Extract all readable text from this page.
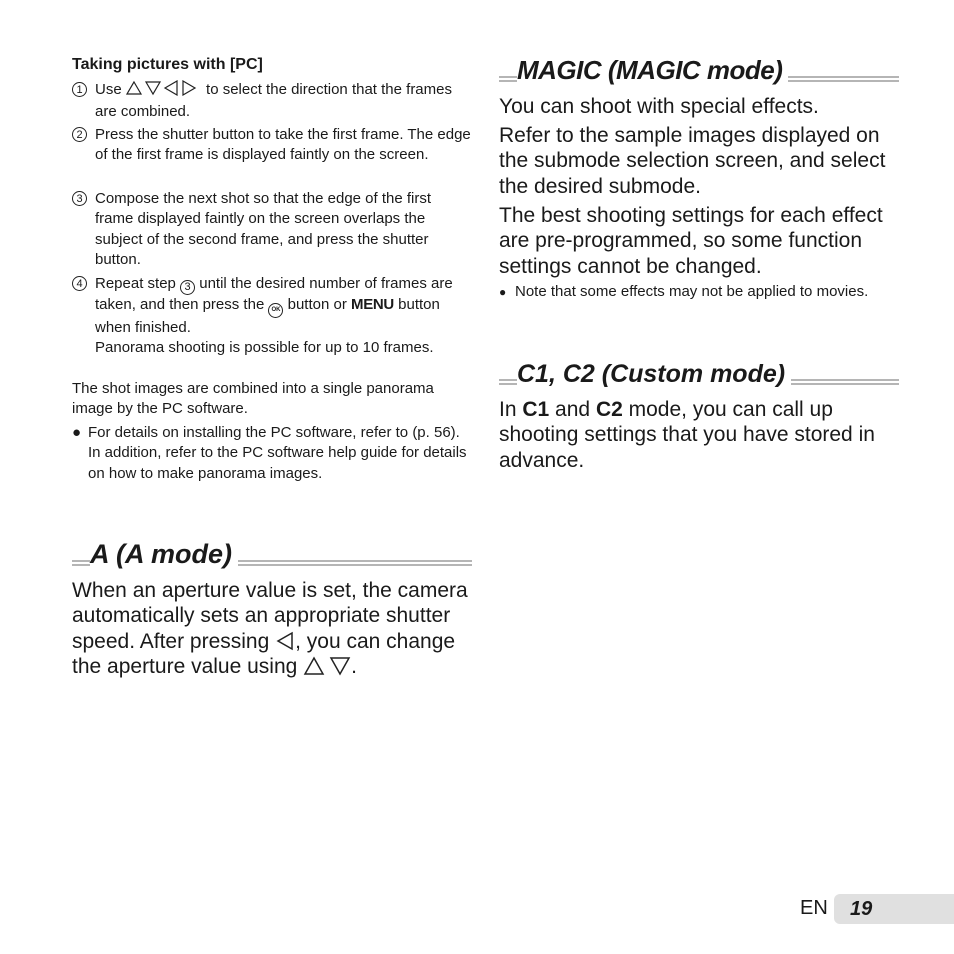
Taking pictures with [PC]
1 Use	to select the direction that the frames are combined.
2 Press the shutter button to take the first frame. The edge of the first frame is displayed faintly on the screen.
3 Compose the next shot so that the edge of the first frame displayed faintly on the screen overlaps the subject of the second frame, and press the shutter button.
4 Repeat step 3 until the desired number of frames are taken, and then press the OK button or MENU button when finished.
Panorama shooting is possible for up to 10 frames.
The shot images are combined into a single panorama image by the PC software.
● For details on installing the PC software, refer to (p. 56). In addition, refer to the PC software help guide for details on how to make panorama images.
A (A mode)
When an aperture value is set, the camera automatically sets an appropriate shutter speed. After pressing , you can change the aperture value using .
MAGIC (MAGIC mode)
You can shoot with special effects.
Refer to the sample images displayed on the submode selection screen, and select the desired submode.
The best shooting settings for each effect are pre-programmed, so some function settings cannot be changed.
● Note that some effects may not be applied to movies.
C1, C2 (Custom mode)
In C1 and C2 mode, you can call up shooting settings that you have stored in advance.
EN	19
